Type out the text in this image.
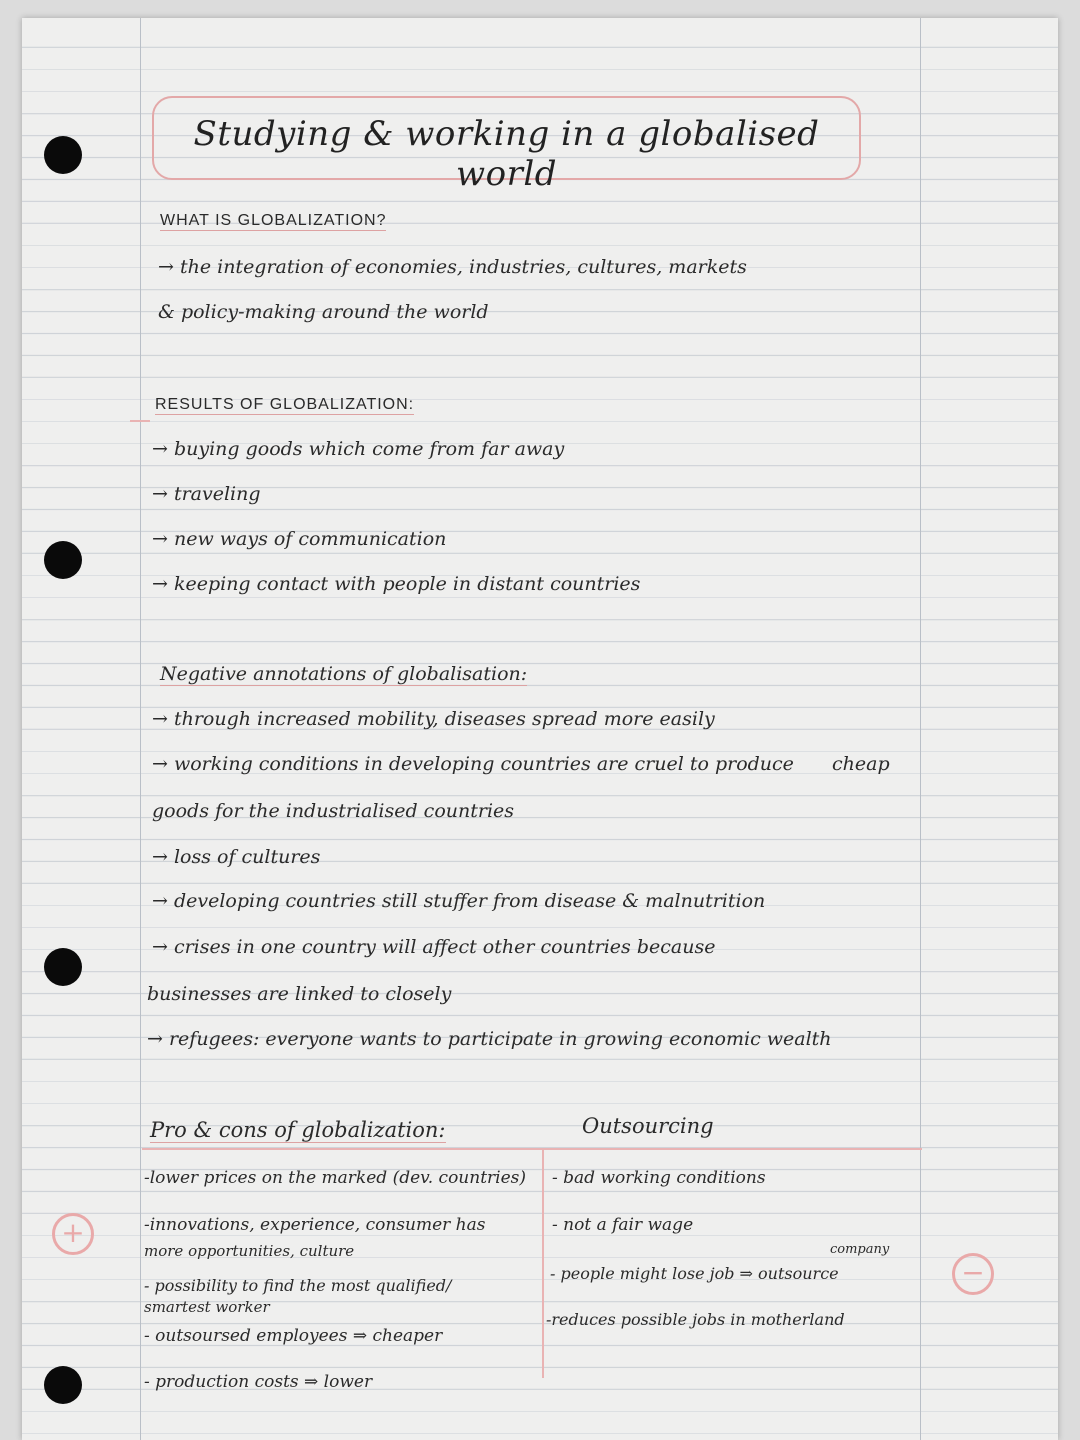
Studying & working in a globalised world
WHAT IS GLOBALIZATION?
→ the integration of economies, industries, cultures, markets
& policy-making around the world
RESULTS OF GLOBALIZATION:
→ buying goods which come from far away
→ traveling
→ new ways of communication
→ keeping contact with people in distant countries
Negative annotations of globalisation:
→ through increased mobility, diseases spread more easily
→ working conditions in developing countries are cruel to produce cheap
goods for the industrialised countries
→ loss of cultures
→ developing countries still stuffer from disease & malnutrition
→ crises in one country will affect other countries because
businesses are linked to closely
→ refugees: everyone wants to participate in growing economic wealth
Pro & cons of globalization:	Outsourcing
+
−
-lower prices on the marked (dev. countries)
-innovations, experience, consumer has
more opportunities, culture
- possibility to find the most qualified/
smartest worker
- outsoursed employees ⇒ cheaper
- production costs ⇒ lower
- bad working conditions
- not a fair wage
company
- people might lose job ⇒ outsource
-reduces possible jobs in motherland
